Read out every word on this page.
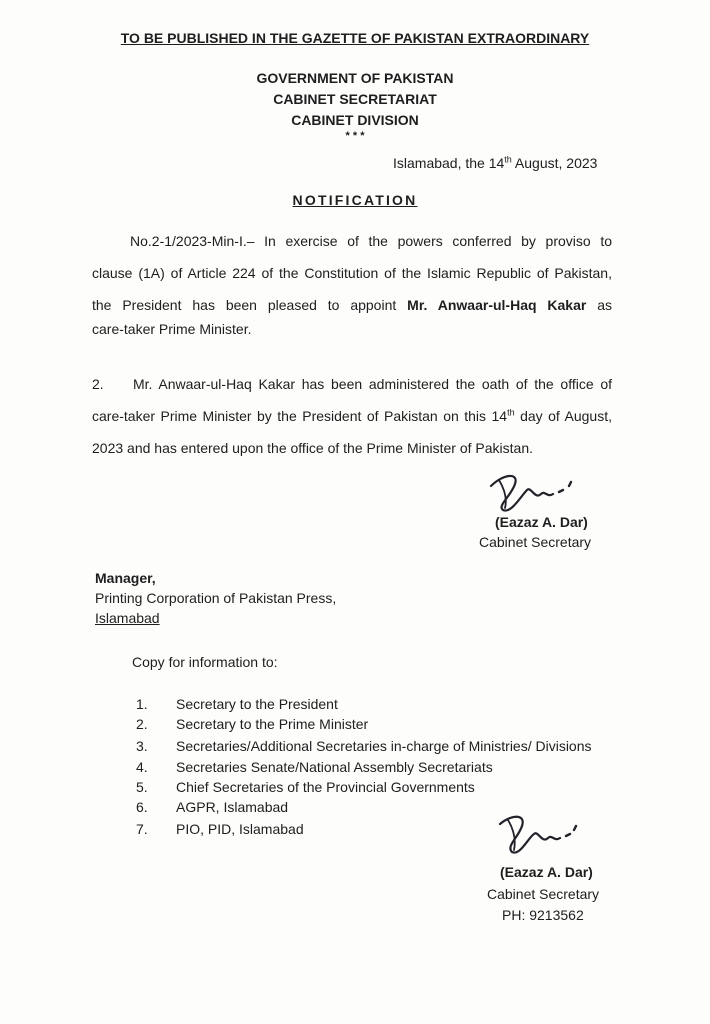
TO BE PUBLISHED IN THE GAZETTE OF PAKISTAN EXTRAORDINARY
GOVERNMENT OF PAKISTAN
CABINET SECRETARIAT
CABINET DIVISION
* * *
Islamabad, the 14th August, 2023
NOTIFICATION
No.2-1/2023-Min-I.– In exercise of the powers conferred by proviso to
clause (1A) of Article 224 of the Constitution of the Islamic Republic of Pakistan,
the President has been pleased to appoint Mr. Anwaar-ul-Haq Kakar as
care-taker Prime Minister.
2. Mr. Anwaar-ul-Haq Kakar has been administered the oath of the office of
care-taker Prime Minister by the President of Pakistan on this 14th day of August,
2023 and has entered upon the office of the Prime Minister of Pakistan.
(Eazaz A. Dar)
Cabinet Secretary
Manager,
Printing Corporation of Pakistan Press,
Islamabad
Copy for information to:
1.	Secretary to the President
2.	Secretary to the Prime Minister
3.	Secretaries/Additional Secretaries in-charge of Ministries/ Divisions
4.	Secretaries Senate/National Assembly Secretariats
5.	Chief Secretaries of the Provincial Governments
6.	AGPR, Islamabad
7.	PIO, PID, Islamabad
(Eazaz A. Dar)
Cabinet Secretary
PH: 9213562
